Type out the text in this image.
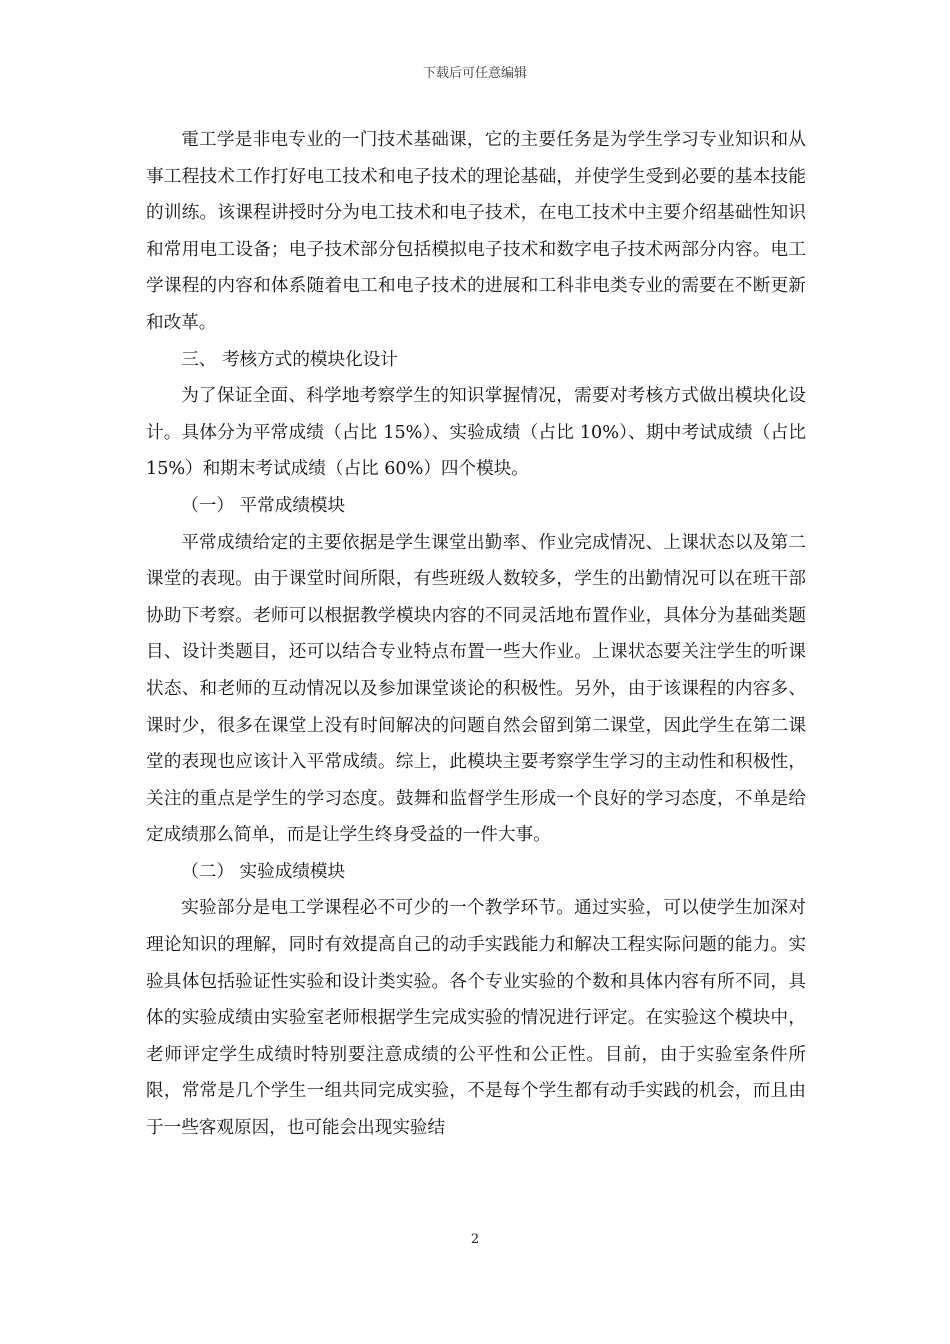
下载后可任意编辑

電工学是非电专业的一门技术基础课，它的主要任务是为学生学习专业知识和从事工程技术工作打好电工技术和电子技术的理论基础，并使学生受到必要的基本技能的训练。该课程讲授时分为电工技术和电子技术，在电工技术中主要介绍基础性知识和常用电工设备；电子技术部分包括模拟电子技术和数字电子技术两部分内容。电工学课程的内容和体系随着电工和电子技术的进展和工科非电类专业的需要在不断更新和改革。

三、 考核方式的模块化设计

为了保证全面、科学地考察学生的知识掌握情况，需要对考核方式做出模块化设计。具体分为平常成绩（占比 15%）、实验成绩（占比 10%）、期中考试成绩（占比 15%）和期末考试成绩（占比 60%）四个模块。

（一） 平常成绩模块

平常成绩给定的主要依据是学生课堂出勤率、作业完成情况、上课状态以及第二课堂的表现。由于课堂时间所限，有些班级人数较多，学生的出勤情况可以在班干部协助下考察。老师可以根据教学模块内容的不同灵活地布置作业，具体分为基础类题目、设计类题目，还可以结合专业特点布置一些大作业。上课状态要关注学生的听课状态、和老师的互动情况以及参加课堂谈论的积极性。另外，由于该课程的内容多、课时少，很多在课堂上没有时间解决的问题自然会留到第二课堂，因此学生在第二课堂的表现也应该计入平常成绩。综上，此模块主要考察学生学习的主动性和积极性，关注的重点是学生的学习态度。鼓舞和监督学生形成一个良好的学习态度，不单是给定成绩那么简单，而是让学生终身受益的一件大事。

（二） 实验成绩模块

实验部分是电工学课程必不可少的一个教学环节。通过实验，可以使学生加深对理论知识的理解，同时有效提高自己的动手实践能力和解决工程实际问题的能力。实验具体包括验证性实验和设计类实验。各个专业实验的个数和具体内容有所不同，具体的实验成绩由实验室老师根据学生完成实验的情况进行评定。在实验这个模块中，老师评定学生成绩时特别要注意成绩的公平性和公正性。目前，由于实验室条件所限，常常是几个学生一组共同完成实验，不是每个学生都有动手实践的机会，而且由于一些客观原因，也可能会出现实验结

2
